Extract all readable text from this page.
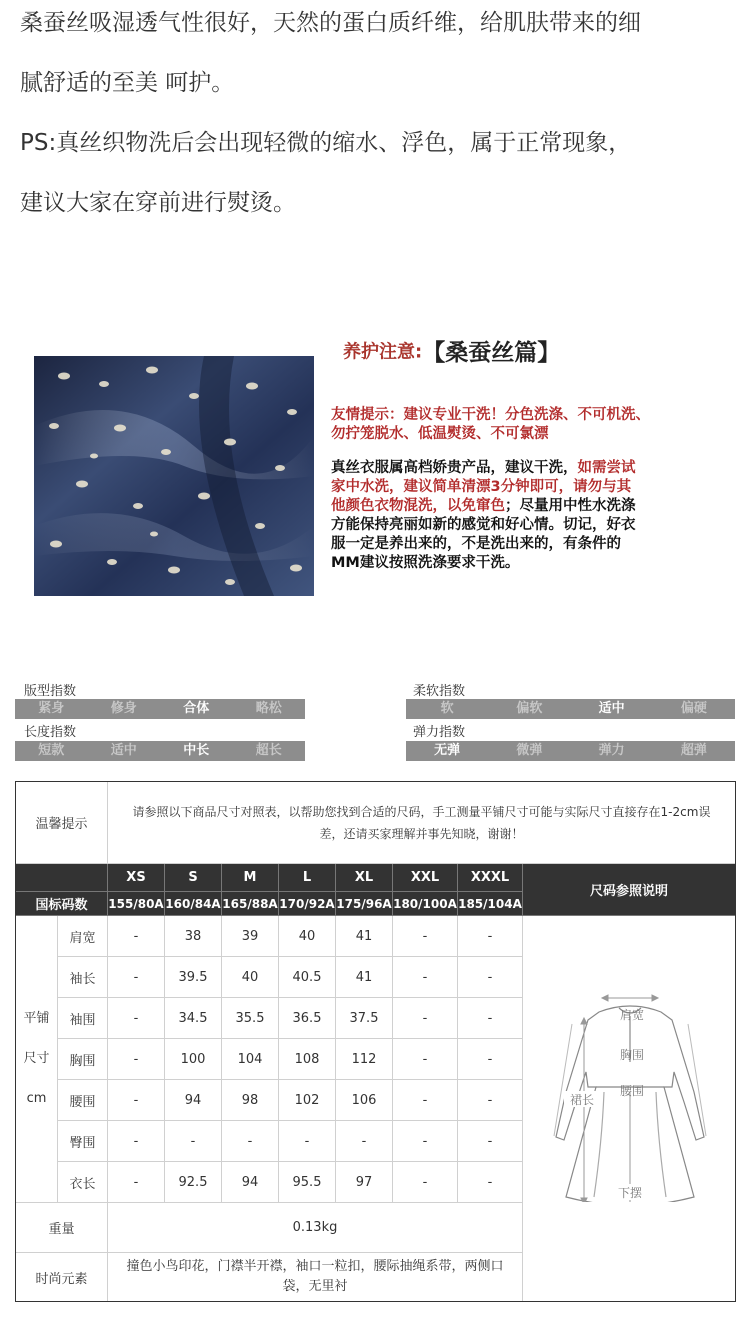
桑蚕丝吸湿透气性很好，天然的蛋白质纤维，给肌肤带来的细
腻舒适的至美 呵护。
PS:真丝织物洗后会出现轻微的缩水、浮色，属于正常现象，
建议大家在穿前进行熨烫。
养护注意:【桑蚕丝篇】

友情提示：建议专业干洗！分色洗涤、不可机洗、

勿拧笼脱水、低温熨烫、不可氯漂

真丝衣服属高档娇贵产品，建议干洗，如需尝试

家中水洗，建议简单清漂3分钟即可，请勿与其

他颜色衣物混洗，以免窜色；尽量用中性水洗涤

方能保持亮丽如新的感觉和好心情。切记，好衣

服一定是养出来的，不是洗出来的，有条件的

MM建议按照洗涤要求干洗。

版型指数
紧身	修身	合体	略松
长度指数
短款	适中	中长	超长
柔软指数
软	偏软	适中	偏硬
弹力指数
无弹	微弹	弹力	超弹
温馨提示
请参照以下商品尺寸对照表，以帮助您找到合适的尺码，手工测量平铺尺寸可能与实际尺寸直接存在1-2cm误
差，还请买家理解并事先知晓，谢谢！
XS	S	M	L	XL	XXL	XXXL
尺码参照说明
国标码数	155/80A 160/84A 165/88A 170/92A 175/96A 180/100A 185/104A
平铺
尺寸
cm
肩宽	-	38	39	40	41	-	-
袖长	-	39.5	40	40.5	41	-	-
袖围	-	34.5	35.5	36.5	37.5	-	-
胸围	-	100	104	108	112	-	-
腰围	-	94	98	102	106	-	-
臀围	-	-	-	-	-	-	-
衣长	-	92.5	94	95.5	97	-	-
重量	0.13kg
时尚元素
撞色小鸟印花，门襟半开襟，袖口一粒扣，腰际抽绳系带，两侧口
袋，无里衬
肩宽
胸围
腰围
裙长
下摆
